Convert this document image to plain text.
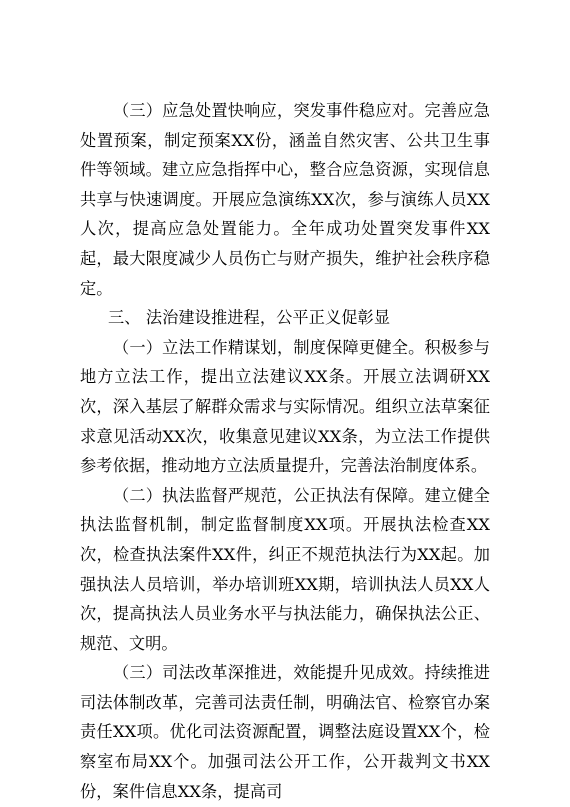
（三）应急处置快响应，突发事件稳应对。完善应急处置预案，制定预案XX份，涵盖自然灾害、公共卫生事件等领域。建立应急指挥中心，整合应急资源，实现信息共享与快速调度。开展应急演练XX次，参与演练人员XX人次，提高应急处置能力。全年成功处置突发事件XX起，最大限度减少人员伤亡与财产损失，维护社会秩序稳定。

三、 法治建设推进程，公平正义促彰显

（一）立法工作精谋划，制度保障更健全。积极参与地方立法工作，提出立法建议XX条。开展立法调研XX次，深入基层了解群众需求与实际情况。组织立法草案征求意见活动XX次，收集意见建议XX条，为立法工作提供参考依据，推动地方立法质量提升，完善法治制度体系。

（二）执法监督严规范，公正执法有保障。建立健全执法监督机制，制定监督制度XX项。开展执法检查XX次，检查执法案件XX件，纠正不规范执法行为XX起。加强执法人员培训，举办培训班XX期，培训执法人员XX人次，提高执法人员业务水平与执法能力，确保执法公正、规范、文明。

（三）司法改革深推进，效能提升见成效。持续推进司法体制改革，完善司法责任制，明确法官、检察官办案责任XX项。优化司法资源配置，调整法庭设置XX个，检察室布局XX个。加强司法公开工作，公开裁判文书XX份，案件信息XX条，提高司
